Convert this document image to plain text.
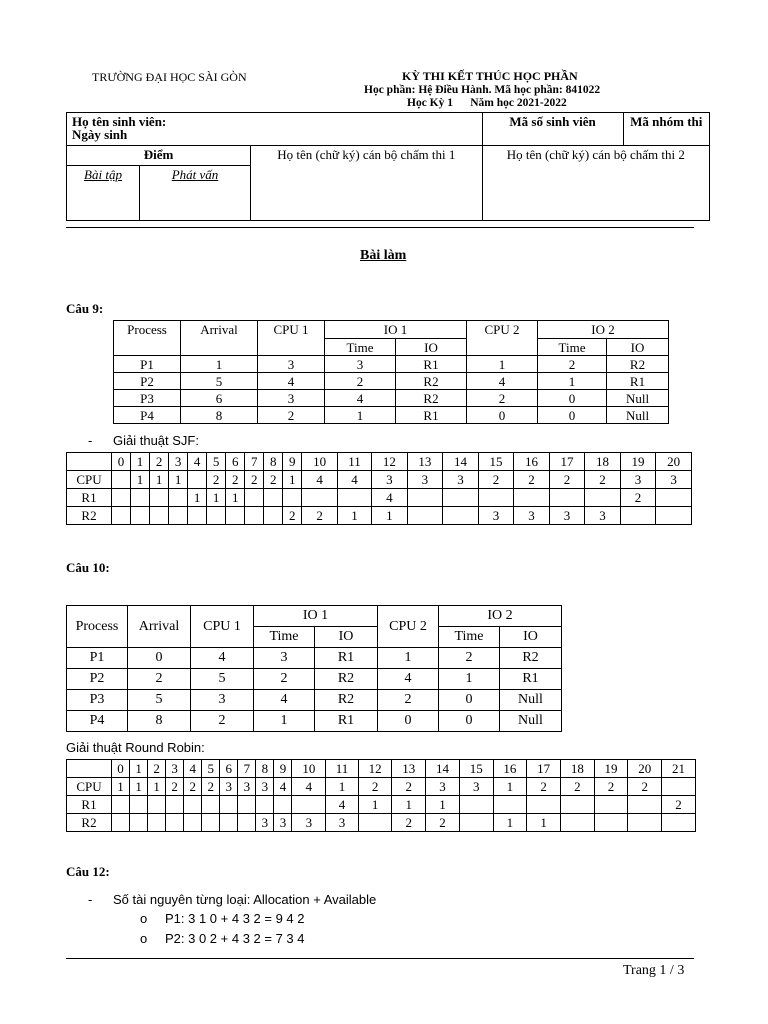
TRƯỜNG ĐẠI HỌC SÀI GÒN	KỲ THI KẾT THÚC HỌC PHẦN
Học phần: Hệ Điều Hành. Mã học phần: 841022
Học Kỳ 1      Năm học 2021-2022
Họ tên sinh viên:
Ngày sinh			Mã số sinh viên	Mã nhóm thi
Điểm		Họ tên (chữ ký) cán bộ chấm thi 1	Họ tên (chữ ký) cán bộ chấm thi 2	
Bài tập	Phát vấn			
Bài làm
Câu 9:
Process	Arrival	CPU 1	IO 1		CPU 2	IO 2	
			Time	IO		Time	IO
P1	1	3	3	R1	1	2	R2
P2	5	4	2	R2	4	1	R1
P3	6	3	4	R2	2	0	Null
P4	8	2	1	R1	0	0	Null
- Giải thuật SJF:
	0	1	2	3	4	5	6	7	8	9	10	11	12	13	14	15	16	17	18	19	20
CPU		1	1	1		2	2	2	2	1	4	4	3	3	3	2	2	2	2	3	3
R1					1	1	1						4							2	
R2										2	2	1	1			3	3	3	3		
Câu 10:
Process	Arrival	CPU 1	IO 1		CPU 2	IO 2	
			Time	IO		Time	IO
P1	0	4	3	R1	1	2	R2
P2	2	5	2	R2	4	1	R1
P3	5	3	4	R2	2	0	Null
P4	8	2	1	R1	0	0	Null
Giải thuật Round Robin:
	0	1	2	3	4	5	6	7	8	9	10	11	12	13	14	15	16	17	18	19	20	21
CPU	1	1	1	2	2	2	3	3	3	4	4	1	2	2	3	3	1	2	2	2	2	
R1												4	1	1	1							2
R2									3	3	3	3		2	2		1	1				
Câu 12:
- Số tài nguyên từng loại: Allocation + Available
o P1: 3 1 0 + 4 3 2 = 9 4 2
o P2: 3 0 2 + 4 3 2 = 7 3 4
Trang 1 / 3
